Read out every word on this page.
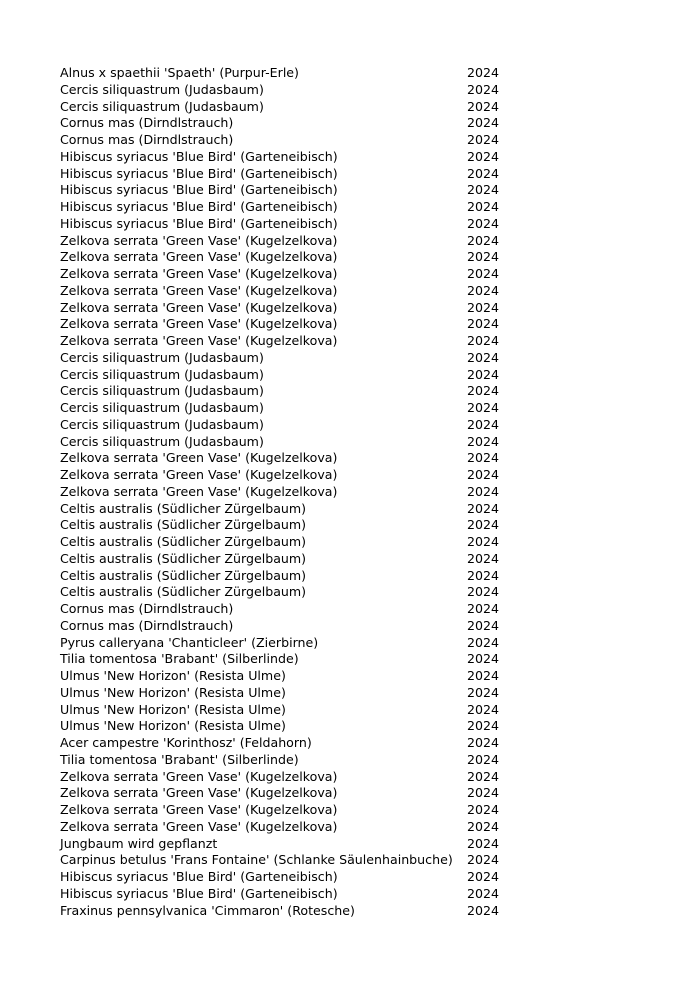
Alnus x spaethii 'Spaeth' (Purpur-Erle)	2024
Cercis siliquastrum (Judasbaum)	2024
Cercis siliquastrum (Judasbaum)	2024
Cornus mas (Dirndlstrauch)	2024
Cornus mas (Dirndlstrauch)	2024
Hibiscus syriacus 'Blue Bird' (Garteneibisch)	2024
Hibiscus syriacus 'Blue Bird' (Garteneibisch)	2024
Hibiscus syriacus 'Blue Bird' (Garteneibisch)	2024
Hibiscus syriacus 'Blue Bird' (Garteneibisch)	2024
Hibiscus syriacus 'Blue Bird' (Garteneibisch)	2024
Zelkova serrata 'Green Vase' (Kugelzelkova)	2024
Zelkova serrata 'Green Vase' (Kugelzelkova)	2024
Zelkova serrata 'Green Vase' (Kugelzelkova)	2024
Zelkova serrata 'Green Vase' (Kugelzelkova)	2024
Zelkova serrata 'Green Vase' (Kugelzelkova)	2024
Zelkova serrata 'Green Vase' (Kugelzelkova)	2024
Zelkova serrata 'Green Vase' (Kugelzelkova)	2024
Cercis siliquastrum (Judasbaum)	2024
Cercis siliquastrum (Judasbaum)	2024
Cercis siliquastrum (Judasbaum)	2024
Cercis siliquastrum (Judasbaum)	2024
Cercis siliquastrum (Judasbaum)	2024
Cercis siliquastrum (Judasbaum)	2024
Zelkova serrata 'Green Vase' (Kugelzelkova)	2024
Zelkova serrata 'Green Vase' (Kugelzelkova)	2024
Zelkova serrata 'Green Vase' (Kugelzelkova)	2024
Celtis australis (Südlicher Zürgelbaum)	2024
Celtis australis (Südlicher Zürgelbaum)	2024
Celtis australis (Südlicher Zürgelbaum)	2024
Celtis australis (Südlicher Zürgelbaum)	2024
Celtis australis (Südlicher Zürgelbaum)	2024
Celtis australis (Südlicher Zürgelbaum)	2024
Cornus mas (Dirndlstrauch)	2024
Cornus mas (Dirndlstrauch)	2024
Pyrus calleryana 'Chanticleer' (Zierbirne)	2024
Tilia tomentosa 'Brabant' (Silberlinde)	2024
Ulmus 'New Horizon' (Resista Ulme)	2024
Ulmus 'New Horizon' (Resista Ulme)	2024
Ulmus 'New Horizon' (Resista Ulme)	2024
Ulmus 'New Horizon' (Resista Ulme)	2024
Acer campestre 'Korinthosz' (Feldahorn)	2024
Tilia tomentosa 'Brabant' (Silberlinde)	2024
Zelkova serrata 'Green Vase' (Kugelzelkova)	2024
Zelkova serrata 'Green Vase' (Kugelzelkova)	2024
Zelkova serrata 'Green Vase' (Kugelzelkova)	2024
Zelkova serrata 'Green Vase' (Kugelzelkova)	2024
Jungbaum wird gepflanzt	2024
Carpinus betulus 'Frans Fontaine' (Schlanke Säulenhainbuche) 2024
Hibiscus syriacus 'Blue Bird' (Garteneibisch)	2024
Hibiscus syriacus 'Blue Bird' (Garteneibisch)	2024
Fraxinus pennsylvanica 'Cimmaron' (Rotesche)	2024
